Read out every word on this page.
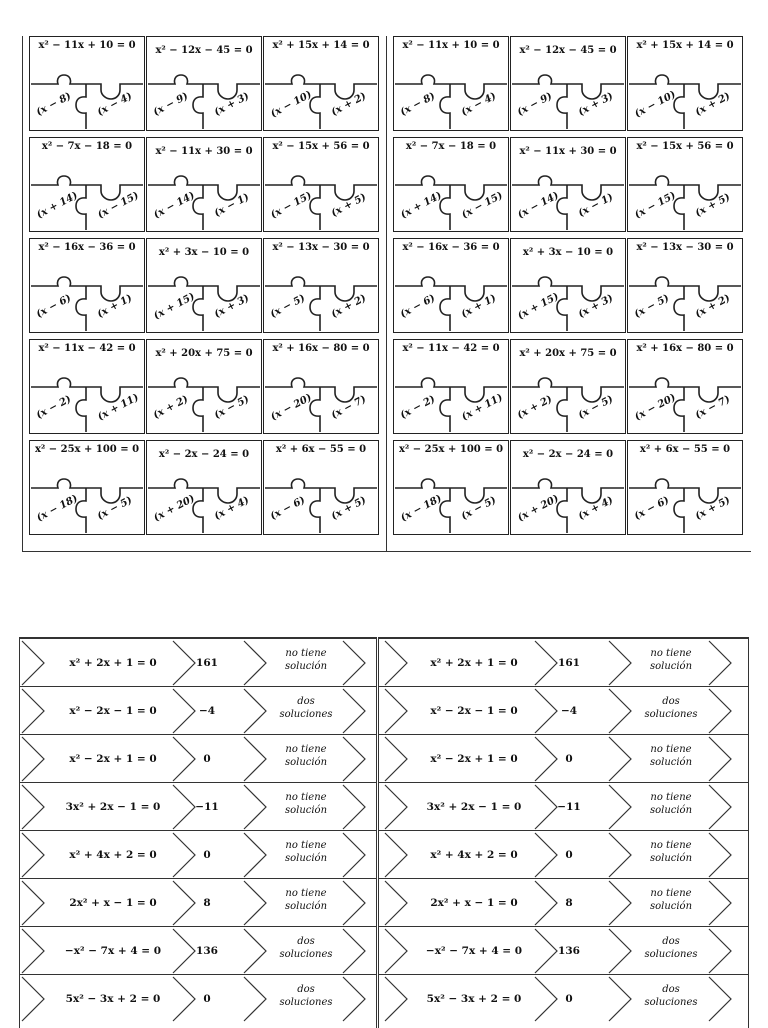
x² − 11x + 10 = 0
(x − 8) (x − 4)
x² − 12x − 45 = 0
(x − 9) (x + 3)
x² + 15x + 14 = 0
(x − 10) (x + 2)
x² − 7x − 18 = 0
(x + 14) (x − 15)
x² − 11x + 30 = 0
(x − 14) (x − 1)
x² − 15x + 56 = 0
(x − 15) (x + 5)
x² − 16x − 36 = 0
(x − 6) (x + 1)
x² + 3x − 10 = 0
(x + 15) (x + 3)
x² − 13x − 30 = 0
(x − 5) (x + 2)
x² − 11x − 42 = 0
(x − 2) (x + 11)
x² + 20x + 75 = 0
(x + 2) (x − 5)
x² + 16x − 80 = 0
(x − 20) (x − 7)
x² − 25x + 100 = 0
(x − 18) (x − 5)
x² − 2x − 24 = 0
(x + 20) (x + 4)
x² + 6x − 55 = 0
(x − 6) (x + 5)
x² − 11x + 10 = 0
(x − 8) (x − 4)
x² − 12x − 45 = 0
(x − 9) (x + 3)
x² + 15x + 14 = 0
(x − 10) (x + 2)
x² − 7x − 18 = 0
(x + 14) (x − 15)
x² − 11x + 30 = 0
(x − 14) (x − 1)
x² − 15x + 56 = 0
(x − 15) (x + 5)
x² − 16x − 36 = 0
(x − 6) (x + 1)
x² + 3x − 10 = 0
(x + 15) (x + 3)
x² − 13x − 30 = 0
(x − 5) (x + 2)
x² − 11x − 42 = 0
(x − 2) (x + 11)
x² + 20x + 75 = 0
(x + 2) (x − 5)
x² + 16x − 80 = 0
(x − 20) (x − 7)
x² − 25x + 100 = 0
(x − 18) (x − 5)
x² − 2x − 24 = 0
(x + 20) (x + 4)
x² + 6x − 55 = 0
(x − 6) (x + 5)
x² + 2x + 1 = 0	161
no tiene
solución
x² − 2x − 1 = 0	−4
dos
soluciones
x² − 2x + 1 = 0	0
no tiene
solución
3x² + 2x − 1 = 0	−11
no tiene
solución
x² + 4x + 2 = 0	0
no tiene
solución
2x² + x − 1 = 0	8
no tiene
solución
−x² − 7x + 4 = 0	136
dos
soluciones
5x² − 3x + 2 = 0	0
dos
soluciones
x² + 2x + 1 = 0	161
no tiene
solución
x² − 2x − 1 = 0	−4
dos
soluciones
x² − 2x + 1 = 0	0
no tiene
solución
3x² + 2x − 1 = 0	−11
no tiene
solución
x² + 4x + 2 = 0	0
no tiene
solución
2x² + x − 1 = 0	8
no tiene
solución
−x² − 7x + 4 = 0	136
dos
soluciones
5x² − 3x + 2 = 0	0
dos
soluciones
